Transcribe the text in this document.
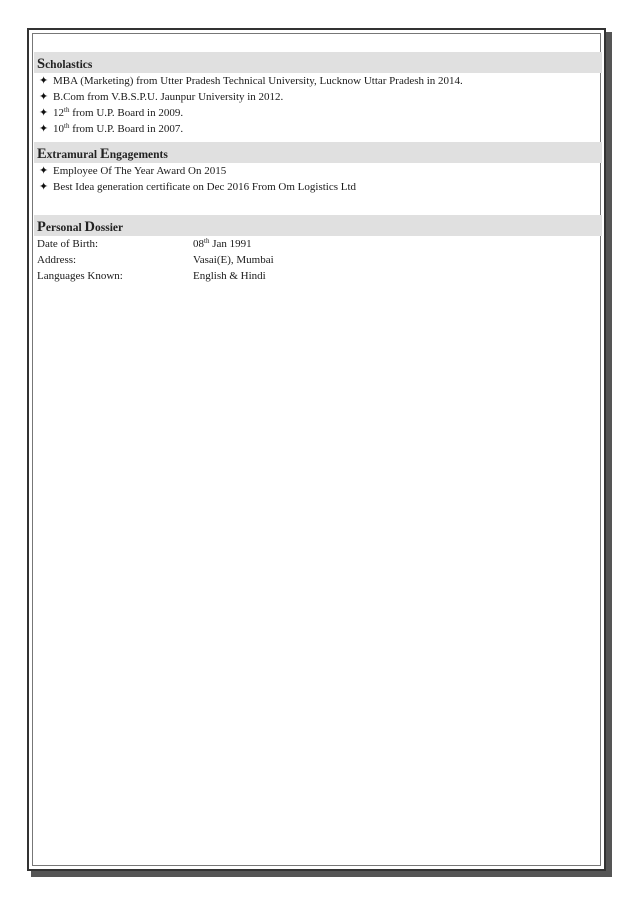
Scholastics
✦ MBA (Marketing) from Utter Pradesh Technical University, Lucknow Uttar Pradesh in 2014.
✦ B.Com from V.B.S.P.U. Jaunpur University in 2012.
✦ 12th from U.P. Board in 2009.
✦ 10th from U.P. Board in 2007.
Extramural Engagements
✦ Employee Of The Year Award On 2015
✦ Best Idea generation certificate on Dec 2016 From Om Logistics Ltd
Personal Dossier
Date of Birth:	08th Jan 1991
Address:	Vasai(E), Mumbai
Languages Known:	English & Hindi
